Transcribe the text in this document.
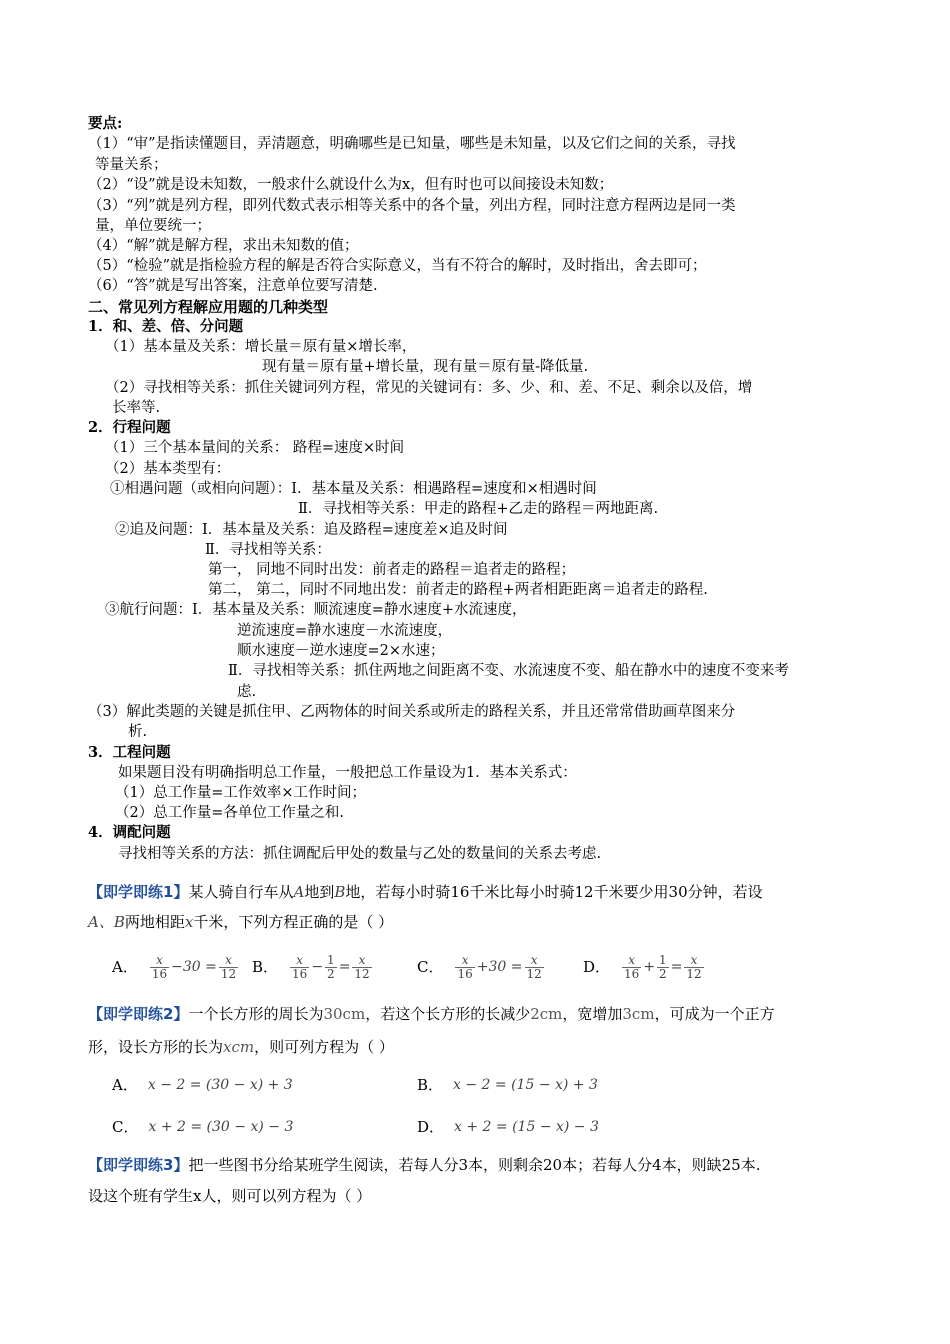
要点:
（1）“审”是指读懂题目，弄清题意，明确哪些是已知量，哪些是未知量，以及它们之间的关系，寻找
等量关系；
（2）“设”就是设未知数，一般求什么就设什么为x，但有时也可以间接设未知数；
（3）“列”就是列方程，即列代数式表示相等关系中的各个量，列出方程，同时注意方程两边是同一类
量，单位要统一；
（4）“解”就是解方程，求出未知数的值；
（5）“检验”就是指检验方程的解是否符合实际意义，当有不符合的解时，及时指出，舍去即可；
（6）“答”就是写出答案，注意单位要写清楚.
二、常见列方程解应用题的几种类型
1．和、差、倍、分问题
（1）基本量及关系：增长量＝原有量×增长率，
现有量＝原有量+增长量，现有量＝原有量-降低量.
（2）寻找相等关系：抓住关键词列方程，常见的关键词有：多、少、和、差、不足、剩余以及倍，增
长率等.
2．行程问题
（1）三个基本量间的关系： 路程=速度×时间
（2）基本类型有：
①相遇问题（或相向问题）：Ⅰ．基本量及关系：相遇路程=速度和×相遇时间
Ⅱ．寻找相等关系：甲走的路程+乙走的路程＝两地距离.
②追及问题：Ⅰ．基本量及关系：追及路程=速度差×追及时间
Ⅱ．寻找相等关系：
第一， 同地不同时出发：前者走的路程＝追者走的路程；
第二， 第二，同时不同地出发：前者走的路程+两者相距距离＝追者走的路程.
③航行问题：Ⅰ．基本量及关系：顺流速度=静水速度+水流速度，
逆流速度=静水速度－水流速度，
顺水速度－逆水速度=2×水速；
Ⅱ．寻找相等关系：抓住两地之间距离不变、水流速度不变、船在静水中的速度不变来考
虑.
（3）解此类题的关键是抓住甲、乙两物体的时间关系或所走的路程关系，并且还常常借助画草图来分
析.
3．工程问题
如果题目没有明确指明总工作量，一般把总工作量设为1．基本关系式：
（1）总工作量=工作效率×工作时间；
（2）总工作量=各单位工作量之和.
4．调配问题
寻找相等关系的方法：抓住调配后甲处的数量与乙处的数量间的关系去考虑.
【即学即练1】某人骑自行车从A地到B地，若每小时骑16千米比每小时骑12千米要少用30分钟，若设
A、B两地相距x千米，下列方程正确的是（ ）
A． $\frac{x}{16} -30 = \frac{x}{12}$ B． $\frac{x}{16} - \frac{1}{2} = \frac{x}{12}$	C． $\frac{x}{16} +30 = \frac{x}{12}$	D． $\frac{x}{16} + \frac{1}{2} = \frac{x}{12}$
【即学即练2】一个长方形的周长为30cm，若这个长方形的长减少2cm，宽增加3cm，可成为一个正方
形，设长方形的长为xcm，则可列方程为（ ）
A． x − 2 = (30 − x) + 3	B． x − 2 = (15 − x) + 3
C． x + 2 = (30 − x) − 3	D． x + 2 = (15 − x) − 3
【即学即练3】把一些图书分给某班学生阅读，若每人分3本，则剩余20本；若每人分4本，则缺25本.
设这个班有学生x人，则可以列方程为（ ）
